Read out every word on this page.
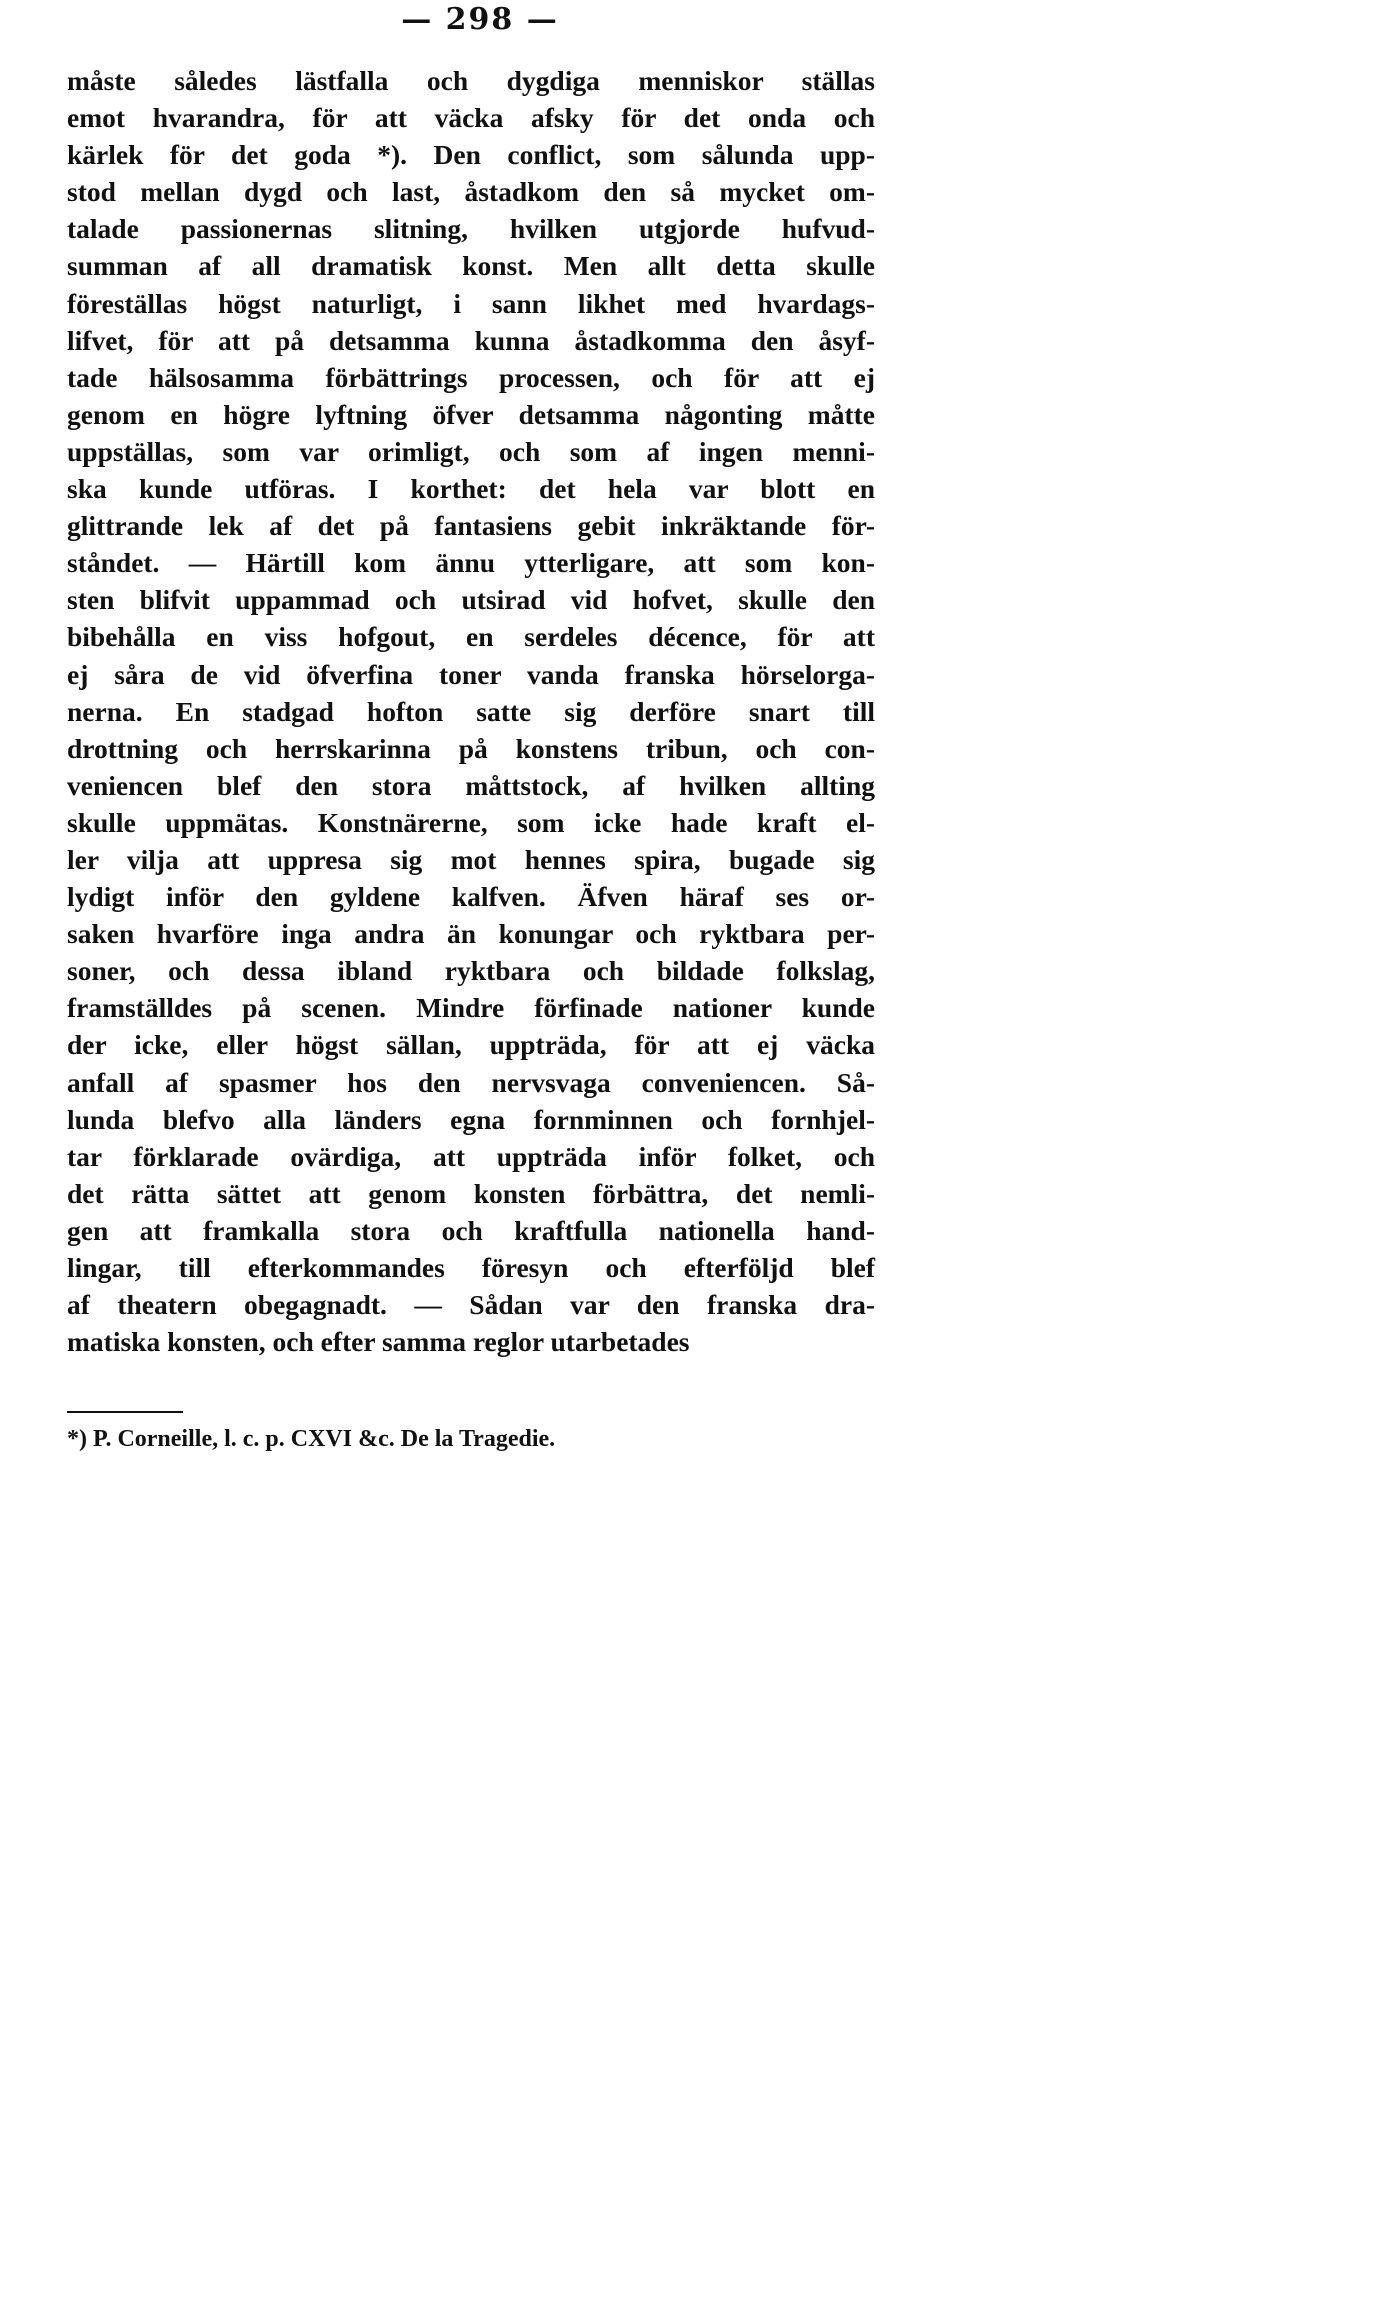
— 298 —
måste således lästfalla och dygdiga menniskor ställas
emot hvarandra, för att väcka afsky för det onda och
kärlek för det goda *). Den conflict, som sålunda upp-
stod mellan dygd och last, åstadkom den så mycket om-
talade passionernas slitning, hvilken utgjorde hufvud-
summan af all dramatisk konst. Men allt detta skulle
föreställas högst naturligt, i sann likhet med hvardags-
lifvet, för att på detsamma kunna åstadkomma den åsyf-
tade hälsosamma förbättrings processen, och för att ej
genom en högre lyftning öfver detsamma någonting måtte
uppställas, som var orimligt, och som af ingen menni-
ska kunde utföras. I korthet: det hela var blott en
glittrande lek af det på fantasiens gebit inkräktande för-
ståndet. — Härtill kom ännu ytterligare, att som kon-
sten blifvit uppammad och utsirad vid hofvet, skulle den
bibehålla en viss hofgout, en serdeles décence, för att
ej såra de vid öfverfina toner vanda franska hörselorga-
nerna. En stadgad hofton satte sig derföre snart till
drottning och herrskarinna på konstens tribun, och con-
veniencen blef den stora måttstock, af hvilken allting
skulle uppmätas. Konstnärerne, som icke hade kraft el-
ler vilja att uppresa sig mot hennes spira, bugade sig
lydigt inför den gyldene kalfven. Äfven häraf ses or-
saken hvarföre inga andra än konungar och ryktbara per-
soner, och dessa ibland ryktbara och bildade folkslag,
framställdes på scenen. Mindre förfinade nationer kunde
der icke, eller högst sällan, uppträda, för att ej väcka
anfall af spasmer hos den nervsvaga conveniencen. Så-
lunda blefvo alla länders egna fornminnen och fornhjel-
tar förklarade ovärdiga, att uppträda inför folket, och
det rätta sättet att genom konsten förbättra, det nemli-
gen att framkalla stora och kraftfulla nationella hand-
lingar, till efterkommandes föresyn och efterföljd blef
af theatern obegagnadt. — Sådan var den franska dra-
matiska konsten, och efter samma reglor utarbetades
*) P. Corneille, l. c. p. CXVI &c. De la Tragedie.
